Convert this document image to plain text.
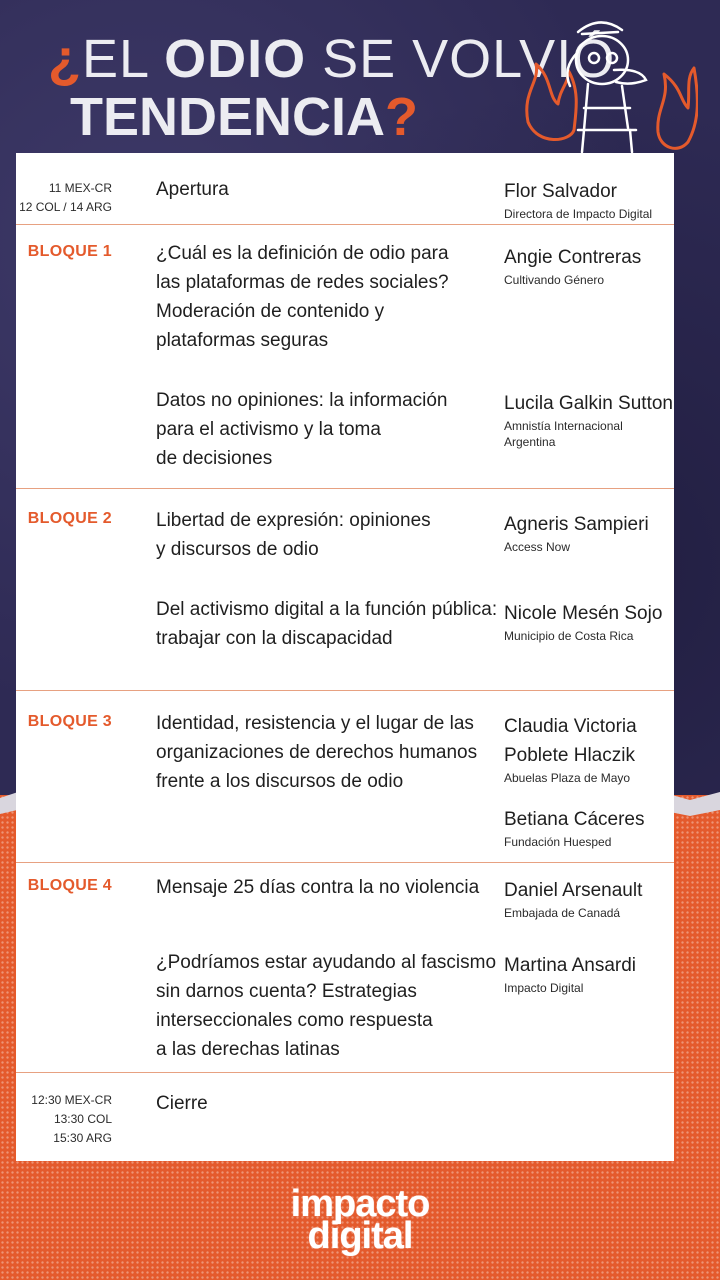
¿EL ODIO SE VOLVIÓ
TENDENCIA?
11 MEX-CR
12 COL / 14 ARG
Apertura	Flor Salvador
Directora de Impacto Digital
BLOQUE 1 ¿Cuál es la definición de odio para
las plataformas de redes sociales?
Moderación de contenido y
plataformas seguras
Angie Contreras
Cultivando Género
Datos no opiniones: la información
para el activismo y la toma
de decisiones
Lucila Galkin Sutton
Amnistía Internacional Argentina
BLOQUE 2 Libertad de expresión: opiniones
y discursos de odio
Agneris Sampieri
Access Now
Del activismo digital a la función pública:
trabajar con la discapacidad
Nicole Mesén Sojo
Municipio de Costa Rica
BLOQUE 3 Identidad, resistencia y el lugar de las
organizaciones de derechos humanos
frente a los discursos de odio
Claudia Victoria
Poblete Hlaczik
Abuelas Plaza de Mayo
Betiana Cáceres
Fundación Huesped
BLOQUE 4 Mensaje 25 días contra la no violencia	Daniel Arsenault
Embajada de Canadá
¿Podríamos estar ayudando al fascismo
sin darnos cuenta? Estrategias
interseccionales como respuesta
a las derechas latinas
Martina Ansardi
Impacto Digital
12:30 MEX-CR
13:30 COL
15:30 ARG
Cierre
impacto
digital
